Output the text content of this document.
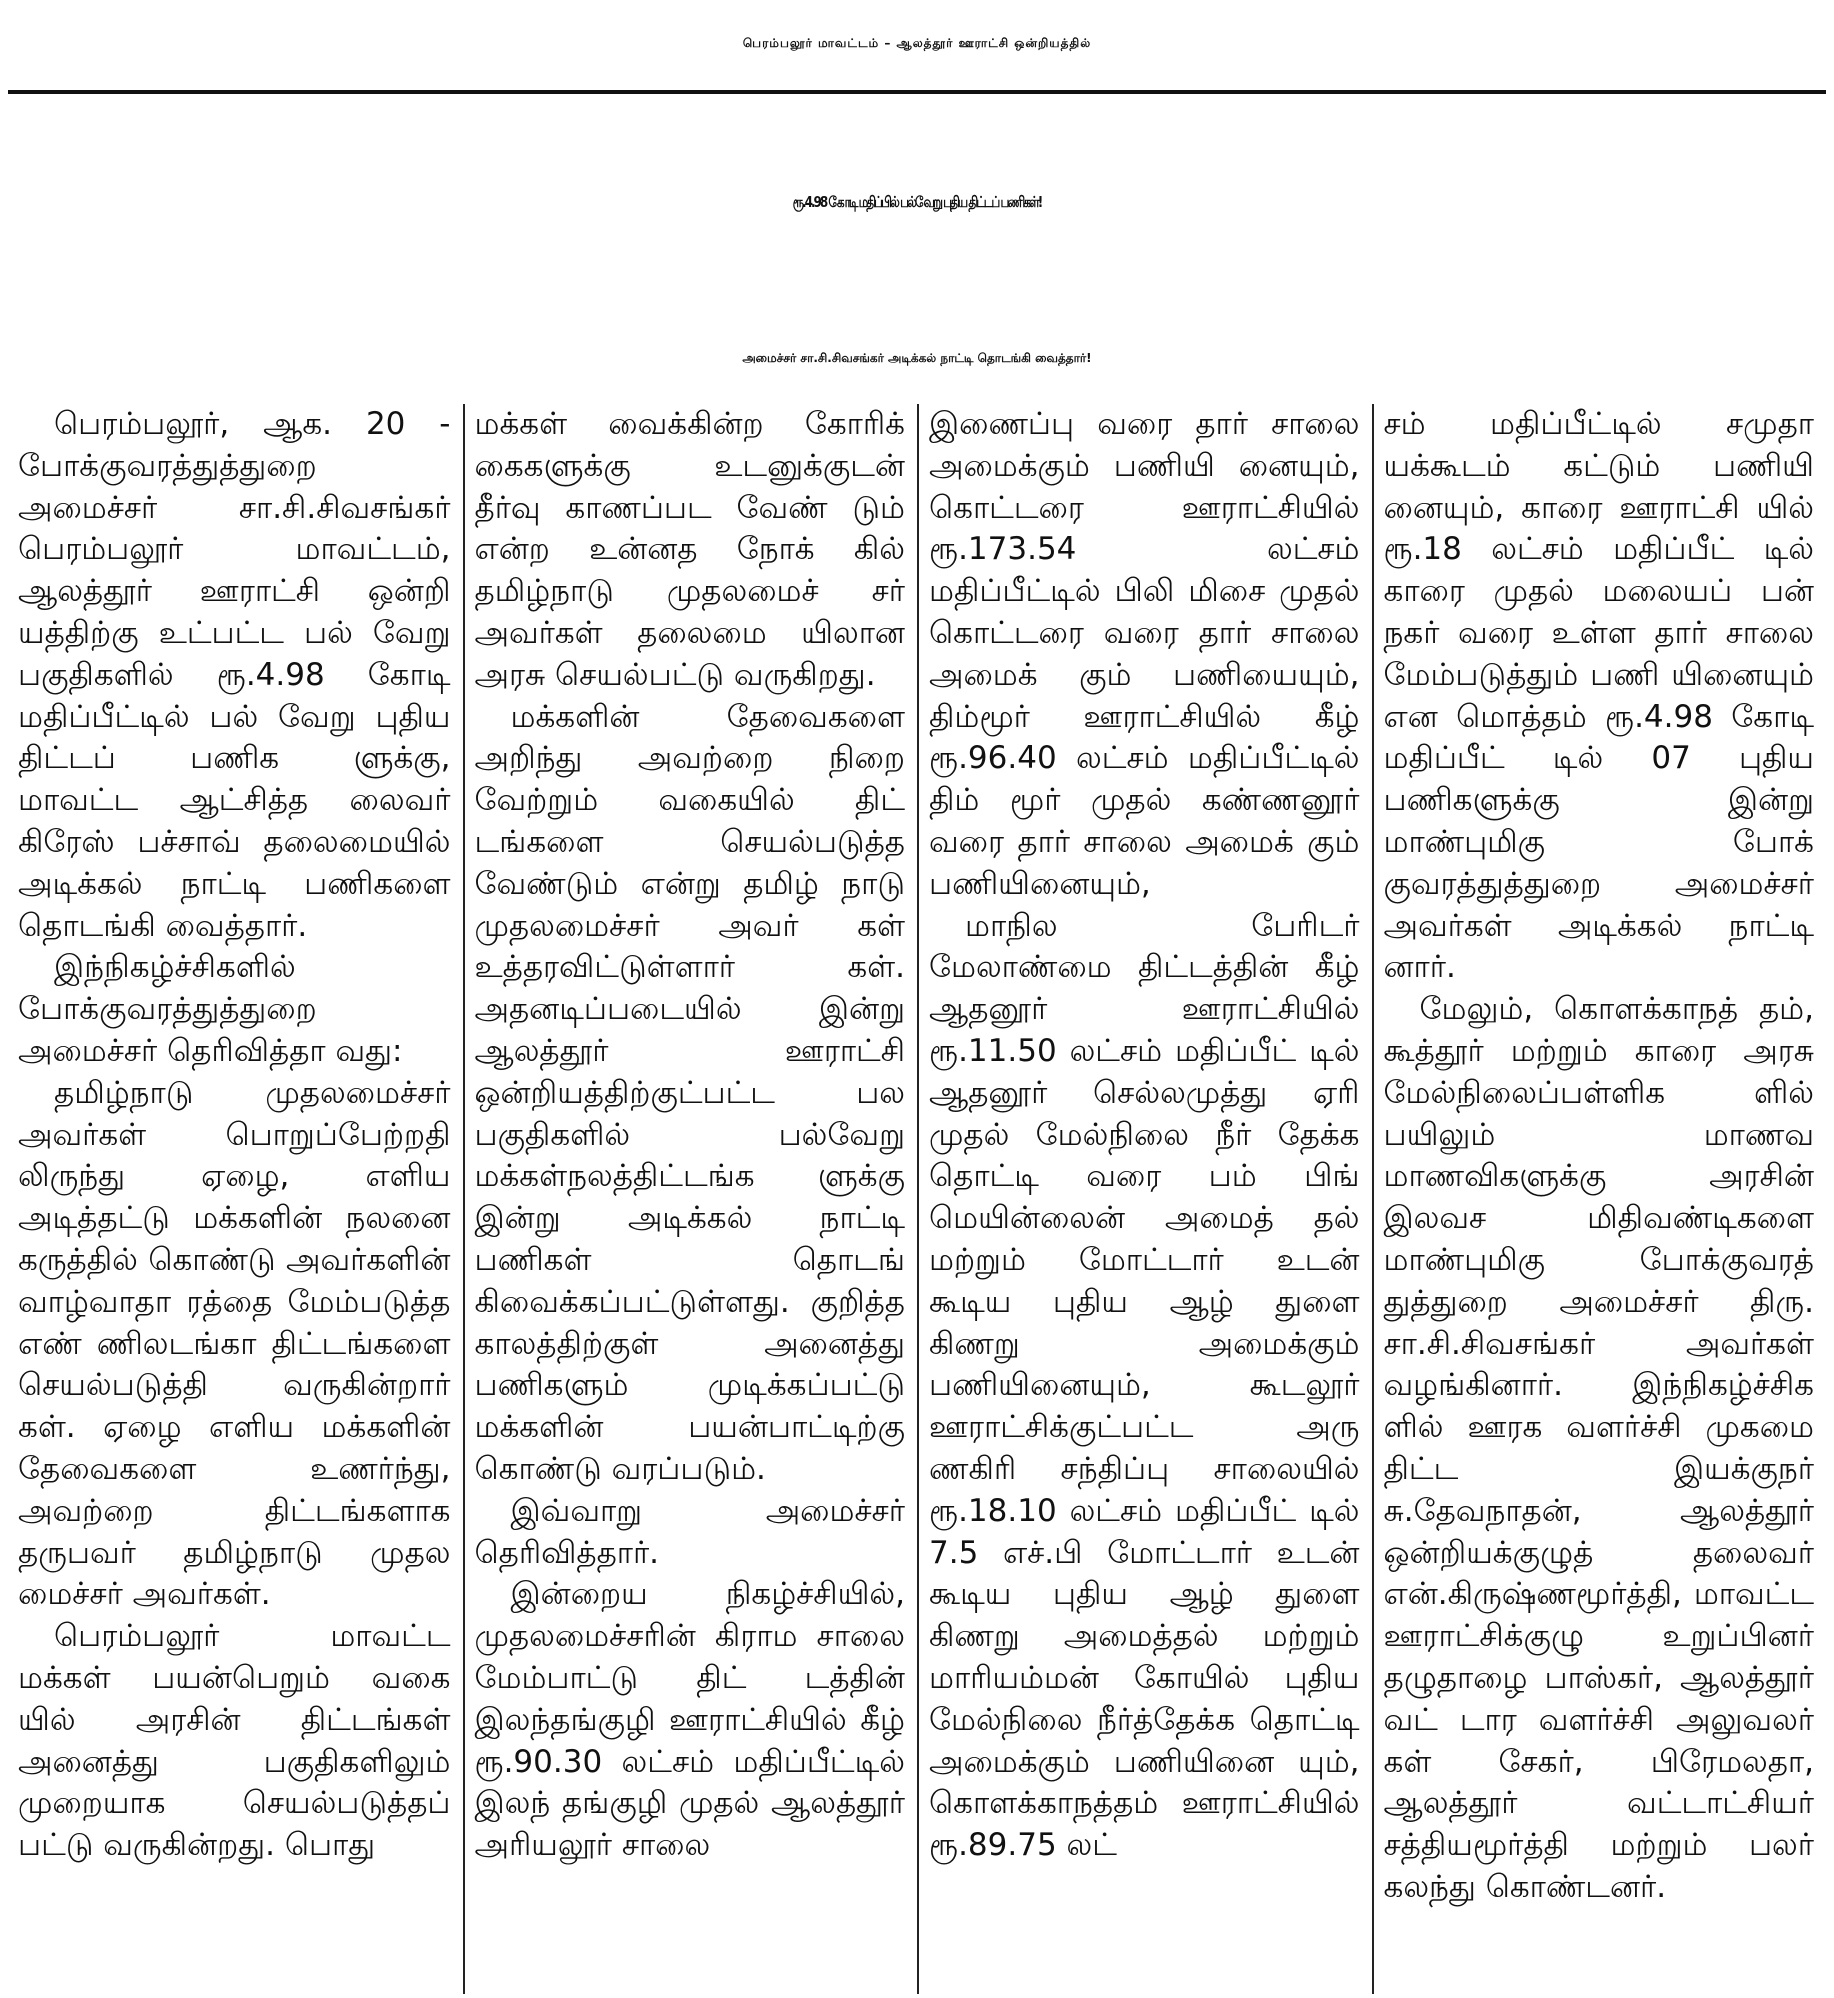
பெரம்பலூர் மாவட்டம் – ஆலத்தூர் ஊராட்சி ஒன்றியத்தில்
ரூ.4.98 கோடி மதிப்பில் பல்வேறு புதிய திட்டப் பணிகள்!
அமைச்சர் சா.சி.சிவசங்கர் அடிக்கல் நாட்டி தொடங்கி வைத்தார்!

பெரம்பலூர், ஆக. 20 - போக்குவரத்துத்துறை அமைச்சர் சா.சி.சிவசங்கர் பெரம்பலூர் மாவட்டம், ஆலத்தூர் ஊராட்சி ஒன்றி யத்திற்கு உட்பட்ட பல் வேறு பகுதிகளில் ரூ.4.98 கோடி மதிப்பீட்டில் பல் வேறு புதிய திட்டப் பணிக ளுக்கு, மாவட்ட ஆட்சித்த லைவர் கிரேஸ் பச்சாவ் தலைமையில் அடிக்கல் நாட்டி பணிகளை தொடங்கி வைத்தார்.

இந்நிகழ்ச்சிகளில் போக்குவரத்துத்துறை அமைச்சர் தெரிவித்தா வது:

தமிழ்நாடு முதலமைச்சர் அவர்கள் பொறுப்பேற்றதி லிருந்து ஏழை, எளிய அடித்தட்டு மக்களின் நலனை கருத்தில் கொண்டு அவர்களின் வாழ்வாதா ரத்தை மேம்படுத்த எண் ணிலடங்கா திட்டங்களை செயல்படுத்தி வருகின்றார் கள். ஏழை எளிய மக்களின் தேவைகளை உணர்ந்து, அவற்றை திட்டங்களாக தருபவர் தமிழ்நாடு முதல மைச்சர் அவர்கள்.

பெரம்பலூர் மாவட்ட மக்கள் பயன்பெறும் வகை யில் அரசின் திட்டங்கள் அனைத்து பகுதிகளிலும் முறையாக செயல்படுத்தப் பட்டு வருகின்றது. பொது

மக்கள் வைக்கின்ற கோரிக் கைகளுக்கு உடனுக்குடன் தீர்வு காணப்பட வேண் டும் என்ற உன்னத நோக் கில் தமிழ்நாடு முதலமைச் சர் அவர்கள் தலைமை யிலான அரசு செயல்பட்டு வருகிறது.

மக்களின் தேவைகளை அறிந்து அவற்றை நிறை வேற்றும் வகையில் திட் டங்களை செயல்படுத்த வேண்டும் என்று தமிழ் நாடு முதலமைச்சர் அவர் கள் உத்தரவிட்டுள்ளார் கள். அதனடிப்படையில் இன்று ஆலத்தூர் ஊராட்சி ஒன்றியத்திற்குட்பட்ட பல பகுதிகளில் பல்வேறு மக்கள்நலத்திட்டங்க ளுக்கு இன்று அடிக்கல் நாட்டி பணிகள் தொடங் கிவைக்கப்பட்டுள்ளது. குறித்த காலத்திற்குள் அனைத்து பணிகளும் முடிக்கப்பட்டு மக்களின் பயன்பாட்டிற்கு கொண்டு வரப்படும்.

இவ்வாறு அமைச்சர் தெரிவித்தார்.

இன்றைய நிகழ்ச்சியில், முதலமைச்சரின் கிராம சாலை மேம்பாட்டு திட் டத்தின் இலந்தங்குழி ஊராட்சியில் கீழ் ரூ.90.30 லட்சம் மதிப்பீட்டில் இலந் தங்குழி முதல் ஆலத்தூர் அரியலூர் சாலை

இணைப்பு வரை தார் சாலை அமைக்கும் பணியி னையும், கொட்டரை ஊராட்சியில் ரூ.173.54 லட்சம் மதிப்பீட்டில் பிலி மிசை முதல் கொட்டரை வரை தார் சாலை அமைக் கும் பணியையும், திம்மூர் ஊராட்சியில் கீழ் ரூ.96.40 லட்சம் மதிப்பீட்டில் திம் மூர் முதல் கண்ணனூர் வரை தார் சாலை அமைக் கும் பணியினையும்,

மாநில பேரிடர் மேலாண்மை திட்டத்தின் கீழ் ஆதனூர் ஊராட்சியில் ரூ.11.50 லட்சம் மதிப்பீட் டில் ஆதனூர் செல்லமுத்து ஏரி முதல் மேல்நிலை நீர் தேக்க தொட்டி வரை பம் பிங் மெயின்லைன் அமைத் தல் மற்றும் மோட்டார் உடன் கூடிய புதிய ஆழ் துளை கிணறு அமைக்கும் பணியினையும், கூடலூர் ஊராட்சிக்குட்பட்ட அரு ணகிரி சந்திப்பு சாலையில் ரூ.18.10 லட்சம் மதிப்பீட் டில் 7.5 எச்.பி மோட்டார் உடன் கூடிய புதிய ஆழ் துளை கிணறு அமைத்தல் மற்றும் மாரியம்மன் கோயில் புதிய மேல்நிலை நீர்த்தேக்க தொட்டி அமைக்கும் பணியினை யும், கொளக்காநத்தம் ஊராட்சியில் ரூ.89.75 லட்

சம் மதிப்பீட்டில் சமுதா யக்கூடம் கட்டும் பணியி னையும், காரை ஊராட்சி யில் ரூ.18 லட்சம் மதிப்பீட் டில் காரை முதல் மலையப் பன் நகர் வரை உள்ள தார் சாலை மேம்படுத்தும் பணி யினையும் என மொத்தம் ரூ.4.98 கோடி மதிப்பீட் டில் 07 புதிய பணிகளுக்கு இன்று மாண்புமிகு போக் குவரத்துத்துறை அமைச்சர் அவர்கள் அடிக்கல் நாட்டி னார்.

மேலும், கொளக்காநத் தம், கூத்தூர் மற்றும் காரை அரசு மேல்நிலைப்பள்ளிக ளில் பயிலும் மாணவ மாணவிகளுக்கு அரசின் இலவச மிதிவண்டிகளை மாண்புமிகு போக்குவரத் துத்துறை அமைச்சர் திரு. சா.சி.சிவசங்கர் அவர்கள் வழங்கினார். இந்நிகழ்ச்சிக ளில் ஊரக வளர்ச்சி முகமை திட்ட இயக்குநர் சு.தேவநாதன், ஆலத்தூர் ஒன்றியக்குழுத் தலைவர் என்.கிருஷ்ணமூர்த்தி, மாவட்ட ஊராட்சிக்குழு உறுப்பினர் தழுதாழை பாஸ்கர், ஆலத்தூர் வட் டார வளர்ச்சி அலுவலர் கள் சேகர், பிரேமலதா, ஆலத்தூர் வட்டாட்சியர் சத்தியமூர்த்தி மற்றும் பலர் கலந்து கொண்டனர்.
